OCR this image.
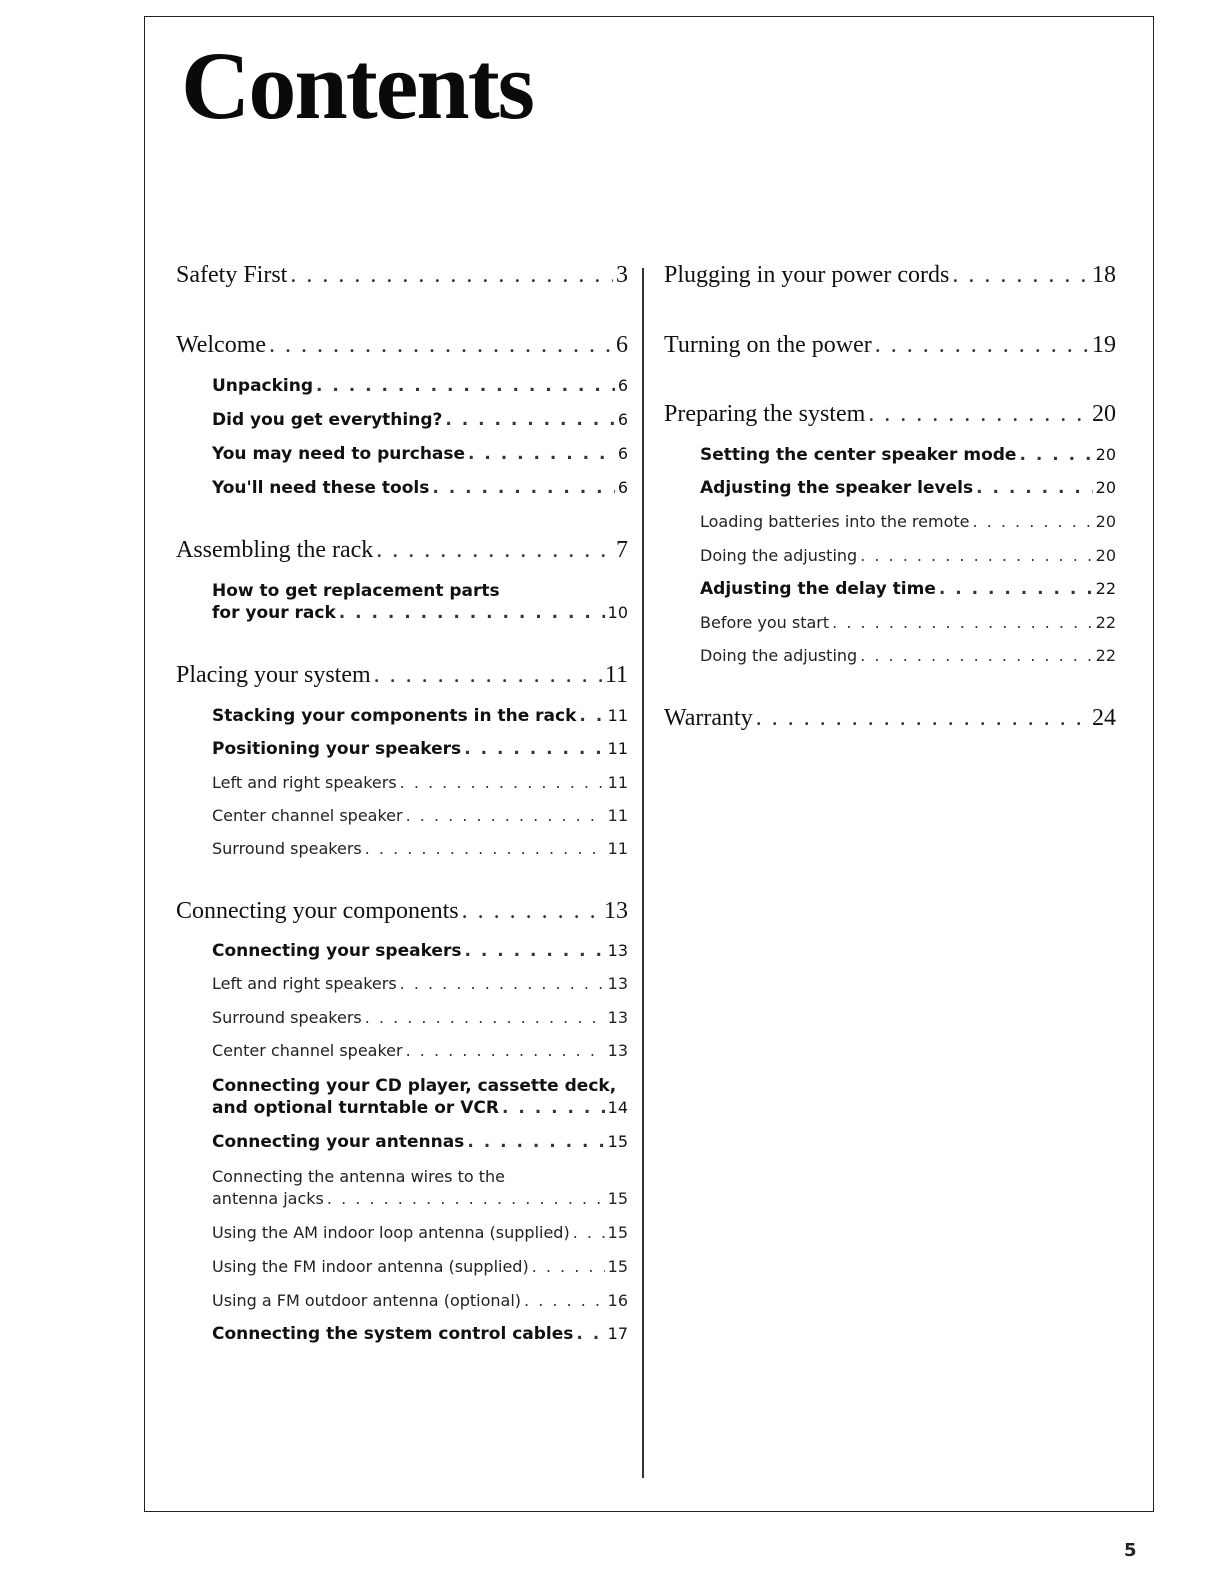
Contents
Safety First . . .	3
Welcome . . .	6
Unpacking . . .	6
Did you get everything? . . .	6
You may need to purchase . . .	6
You'll need these tools . . .	6
Assembling the rack . . .	7
How to get replacement parts
for your rack . . .	10
Placing your system . . .	11
Stacking your components in the rack . . . 11
Positioning your speakers . . .	11
Left and right speakers . . .	11
Center channel speaker . . .	11
Surround speakers . . .	11
Connecting your components . . .	13
Connecting your speakers . . .	13
Left and right speakers . . .	13
Surround speakers . . .	13
Center channel speaker . . .	13
Connecting your CD player, cassette deck,
and optional turntable or VCR . . .	14
Connecting your antennas . . .	15
Connecting the antenna wires to the
antenna jacks . . .	15
Using the AM indoor loop antenna (supplied) . . . 15
Using the FM indoor antenna (supplied) . . .	15
Using a FM outdoor antenna (optional) . . .	16
Connecting the system control cables . . . 17
Plugging in your power cords . . .	18
Turning on the power . . .	19
Preparing the system . . .	20
Setting the center speaker mode . . .	20
Adjusting the speaker levels . . .	20
Loading batteries into the remote . . .	20
Doing the adjusting . . .	20
Adjusting the delay time . . .	22
Before you start . . .	22
Doing the adjusting . . .	22
Warranty . . .	24
5
